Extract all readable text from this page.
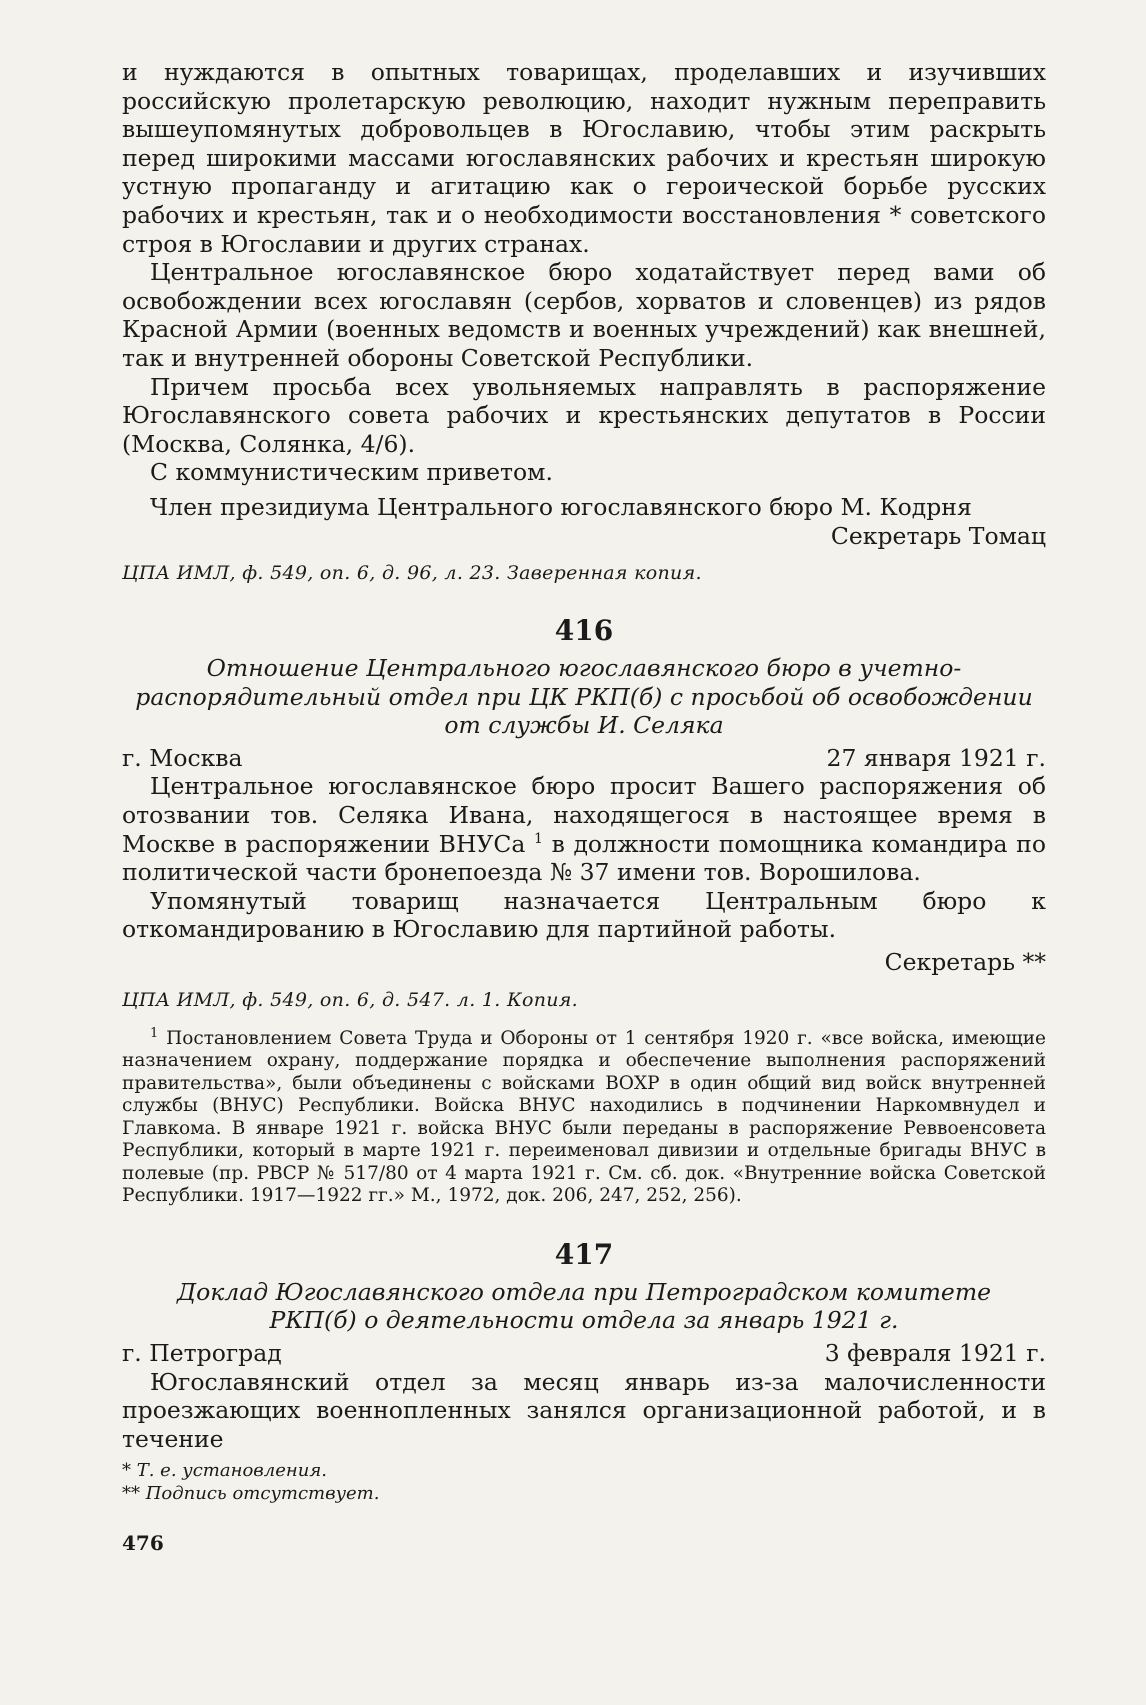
и нуждаются в опытных товарищах, проделавших и изучивших российскую пролетарскую революцию, находит нужным переправить вышеупомянутых добровольцев в Югославию, чтобы этим раскрыть перед широкими массами югославянских рабочих и крестьян широкую устную пропаганду и агитацию как о героической борьбе русских рабочих и крестьян, так и о необходимости восстановления * советского строя в Югославии и других странах.

Центральное югославянское бюро ходатайствует перед вами об освобождении всех югославян (сербов, хорватов и словенцев) из рядов Красной Армии (военных ведомств и военных учреждений) как внешней, так и внутренней обороны Советской Республики.

Причем просьба всех увольняемых направлять в распоряжение Югославянского совета рабочих и крестьянских депутатов в России (Москва, Солянка, 4/6).

С коммунистическим приветом.

Член президиума Центрального югославянского бюро М. Кодрня

Секретарь Томац

ЦПА ИМЛ, ф. 549, оп. 6, д. 96, л. 23. Заверенная копия.

416

Отношение Центрального югославянского бюро в учетно-распорядительный отдел при ЦК РКП(б) с просьбой об освобождении от службы И. Селяка

г. Москва	27 января 1921 г.

Центральное югославянское бюро просит Вашего распоряжения об отозвании тов. Селяка Ивана, находящегося в настоящее время в Москве в распоряжении ВНУСа $^1$ в должности помощника командира по политической части бронепоезда № 37 имени тов. Ворошилова.

Упомянутый товарищ назначается Центральным бюро к откомандированию в Югославию для партийной работы.

Секретарь **

ЦПА ИМЛ, ф. 549, оп. 6, д. 547. л. 1. Копия.

$^1$ Постановлением Совета Труда и Обороны от 1 сентября 1920 г. «все войска, имеющие назначением охрану, поддержание порядка и обеспечение выполнения распоряжений правительства», были объединены с войсками ВОХР в один общий вид войск внутренней службы (ВНУС) Республики. Войска ВНУС находились в подчинении Наркомвнудел и Главкома. В январе 1921 г. войска ВНУС были переданы в распоряжение Реввоенсовета Республики, который в марте 1921 г. переименовал дивизии и отдельные бригады ВНУС в полевые (пр. РВСР № 517/80 от 4 марта 1921 г. См. сб. док. «Внутренние войска Советской Республики. 1917—1922 гг.» М., 1972, док. 206, 247, 252, 256).

417

Доклад Югославянского отдела при Петроградском комитете РКП(б) о деятельности отдела за январь 1921 г.

г. Петроград	3 февраля 1921 г.

Югославянский отдел за месяц январь из-за малочисленности проезжающих военнопленных занялся организационной работой, и в течение

* Т. е. установления.
** Подпись отсутствует.
476
